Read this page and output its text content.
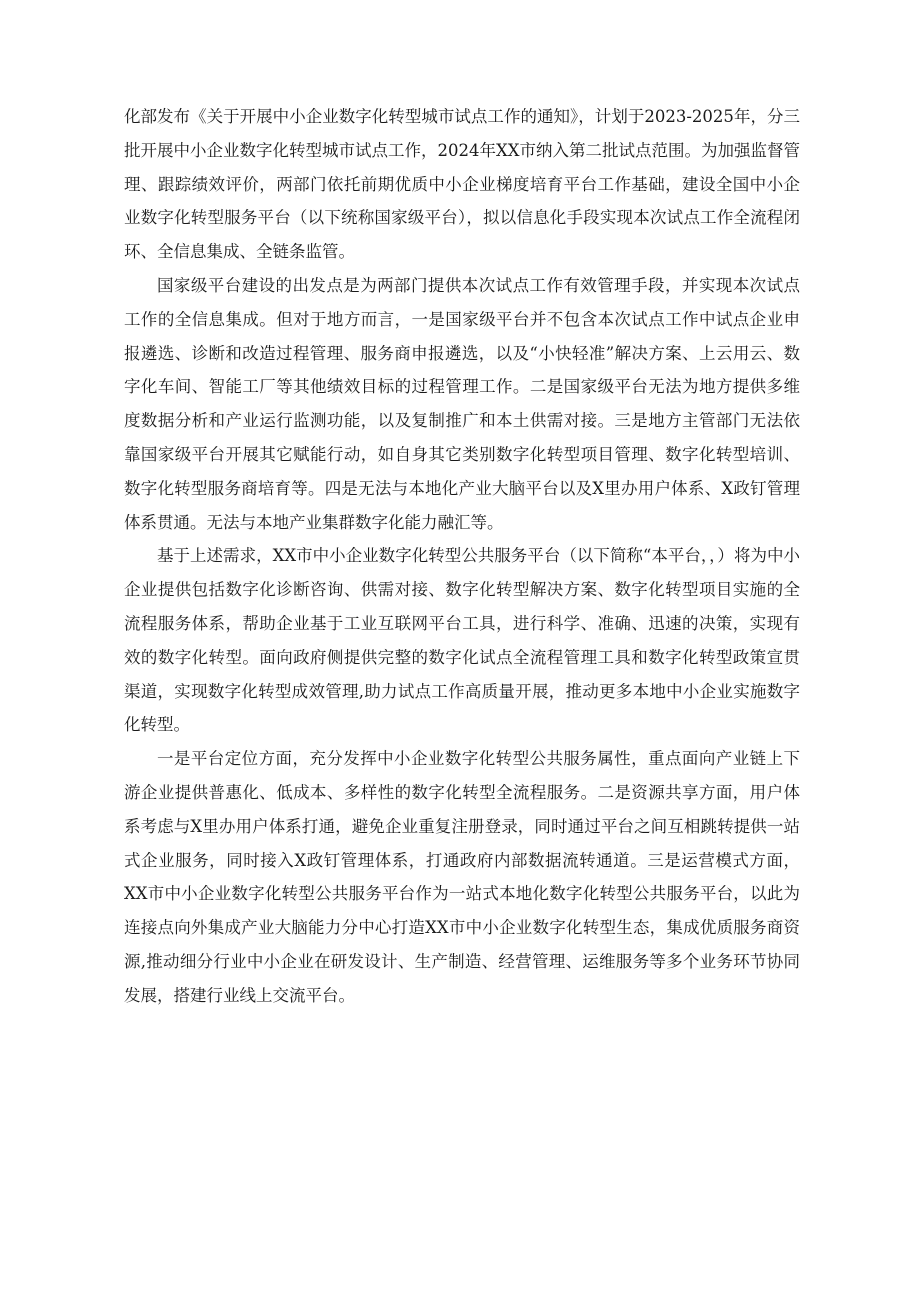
化部发布《关于开展中小企业数字化转型城市试点工作的通知》，计划于2023-2025年，分三批开展中小企业数字化转型城市试点工作，2024年XX市纳入第二批试点范围。为加强监督管理、跟踪绩效评价，两部门依托前期优质中小企业梯度培育平台工作基础，建设全国中小企业数字化转型服务平台（以下统称国家级平台），拟以信息化手段实现本次试点工作全流程闭环、全信息集成、全链条监管。

国家级平台建设的出发点是为两部门提供本次试点工作有效管理手段，并实现本次试点工作的全信息集成。但对于地方而言，一是国家级平台并不包含本次试点工作中试点企业申报遴选、诊断和改造过程管理、服务商申报遴选，以及“小快轻准”解决方案、上云用云、数字化车间、智能工厂等其他绩效目标的过程管理工作。二是国家级平台无法为地方提供多维度数据分析和产业运行监测功能，以及复制推广和本土供需对接。三是地方主管部门无法依靠国家级平台开展其它赋能行动，如自身其它类别数字化转型项目管理、数字化转型培训、数字化转型服务商培育等。四是无法与本地化产业大脑平台以及X里办用户体系、X政钉管理体系贯通。无法与本地产业集群数字化能力融汇等。

基于上述需求，XX市中小企业数字化转型公共服务平台（以下简称“本平台，，）将为中小企业提供包括数字化诊断咨询、供需对接、数字化转型解决方案、数字化转型项目实施的全流程服务体系，帮助企业基于工业互联网平台工具，进行科学、准确、迅速的决策，实现有效的数字化转型。面向政府侧提供完整的数字化试点全流程管理工具和数字化转型政策宣贯渠道，实现数字化转型成效管理,助力试点工作高质量开展，推动更多本地中小企业实施数字化转型。

一是平台定位方面，充分发挥中小企业数字化转型公共服务属性，重点面向产业链上下游企业提供普惠化、低成本、多样性的数字化转型全流程服务。二是资源共享方面，用户体系考虑与X里办用户体系打通，避免企业重复注册登录，同时通过平台之间互相跳转提供一站式企业服务，同时接入X政钉管理体系，打通政府内部数据流转通道。三是运营模式方面，XX市中小企业数字化转型公共服务平台作为一站式本地化数字化转型公共服务平台，以此为连接点向外集成产业大脑能力分中心打造XX市中小企业数字化转型生态，集成优质服务商资源,推动细分行业中小企业在研发设计、生产制造、经营管理、运维服务等多个业务环节协同发展，搭建行业线上交流平台。
